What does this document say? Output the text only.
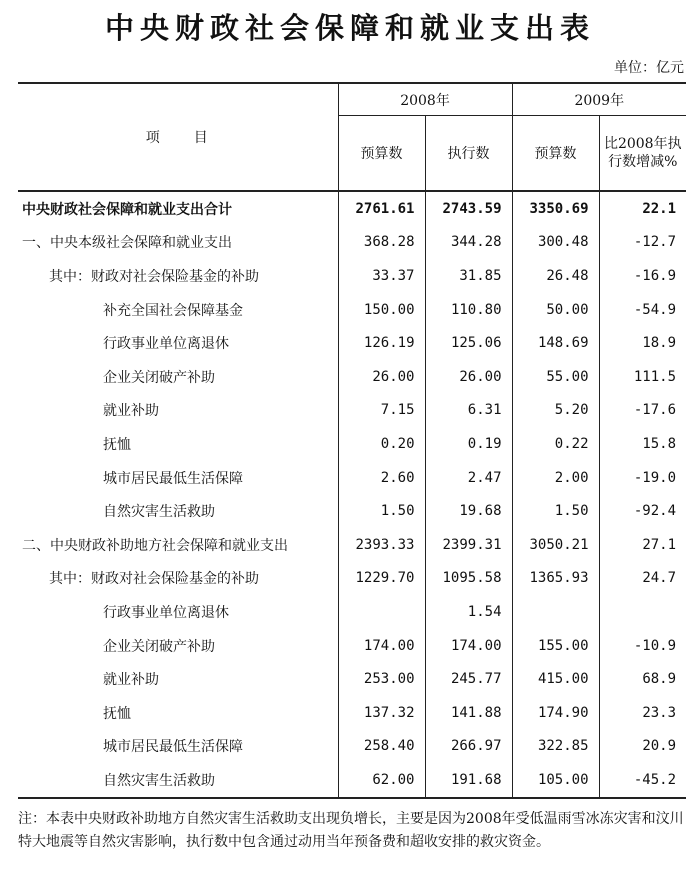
中央财政社会保障和就业支出表
单位：亿元
项　　目	2008年		2009年	
	预算数	执行数	预算数	比2008年执
行数增减%

中央财政社会保障和就业支出合计	2761.61	2743.59	3350.69	22.1
一、中央本级社会保障和就业支出	368.28	344.28	300.48	-12.7
其中：财政对社会保险基金的补助	33.37	31.85	26.48	-16.9
补充全国社会保障基金	150.00	110.80	50.00	-54.9
行政事业单位离退休	126.19	125.06	148.69	18.9
企业关闭破产补助	26.00	26.00	55.00	111.5
就业补助	7.15	6.31	5.20	-17.6
抚恤	0.20	0.19	0.22	15.8
城市居民最低生活保障	2.60	2.47	2.00	-19.0
自然灾害生活救助	1.50	19.68	1.50	-92.4
二、中央财政补助地方社会保障和就业支出	2393.33	2399.31	3050.21	27.1
其中：财政对社会保险基金的补助	1229.70	1095.58	1365.93	24.7
行政事业单位离退休		1.54		
企业关闭破产补助	174.00	174.00	155.00	-10.9
就业补助	253.00	245.77	415.00	68.9
抚恤	137.32	141.88	174.90	23.3
城市居民最低生活保障	258.40	266.97	322.85	20.9
自然灾害生活救助	62.00	191.68	105.00	-45.2
注：本表中央财政补助地方自然灾害生活救助支出现负增长，主要是因为2008年受低温雨雪冰冻灾害和汶川特大地震等自然灾害影响，执行数中包含通过动用当年预备费和超收安排的救灾资金。
